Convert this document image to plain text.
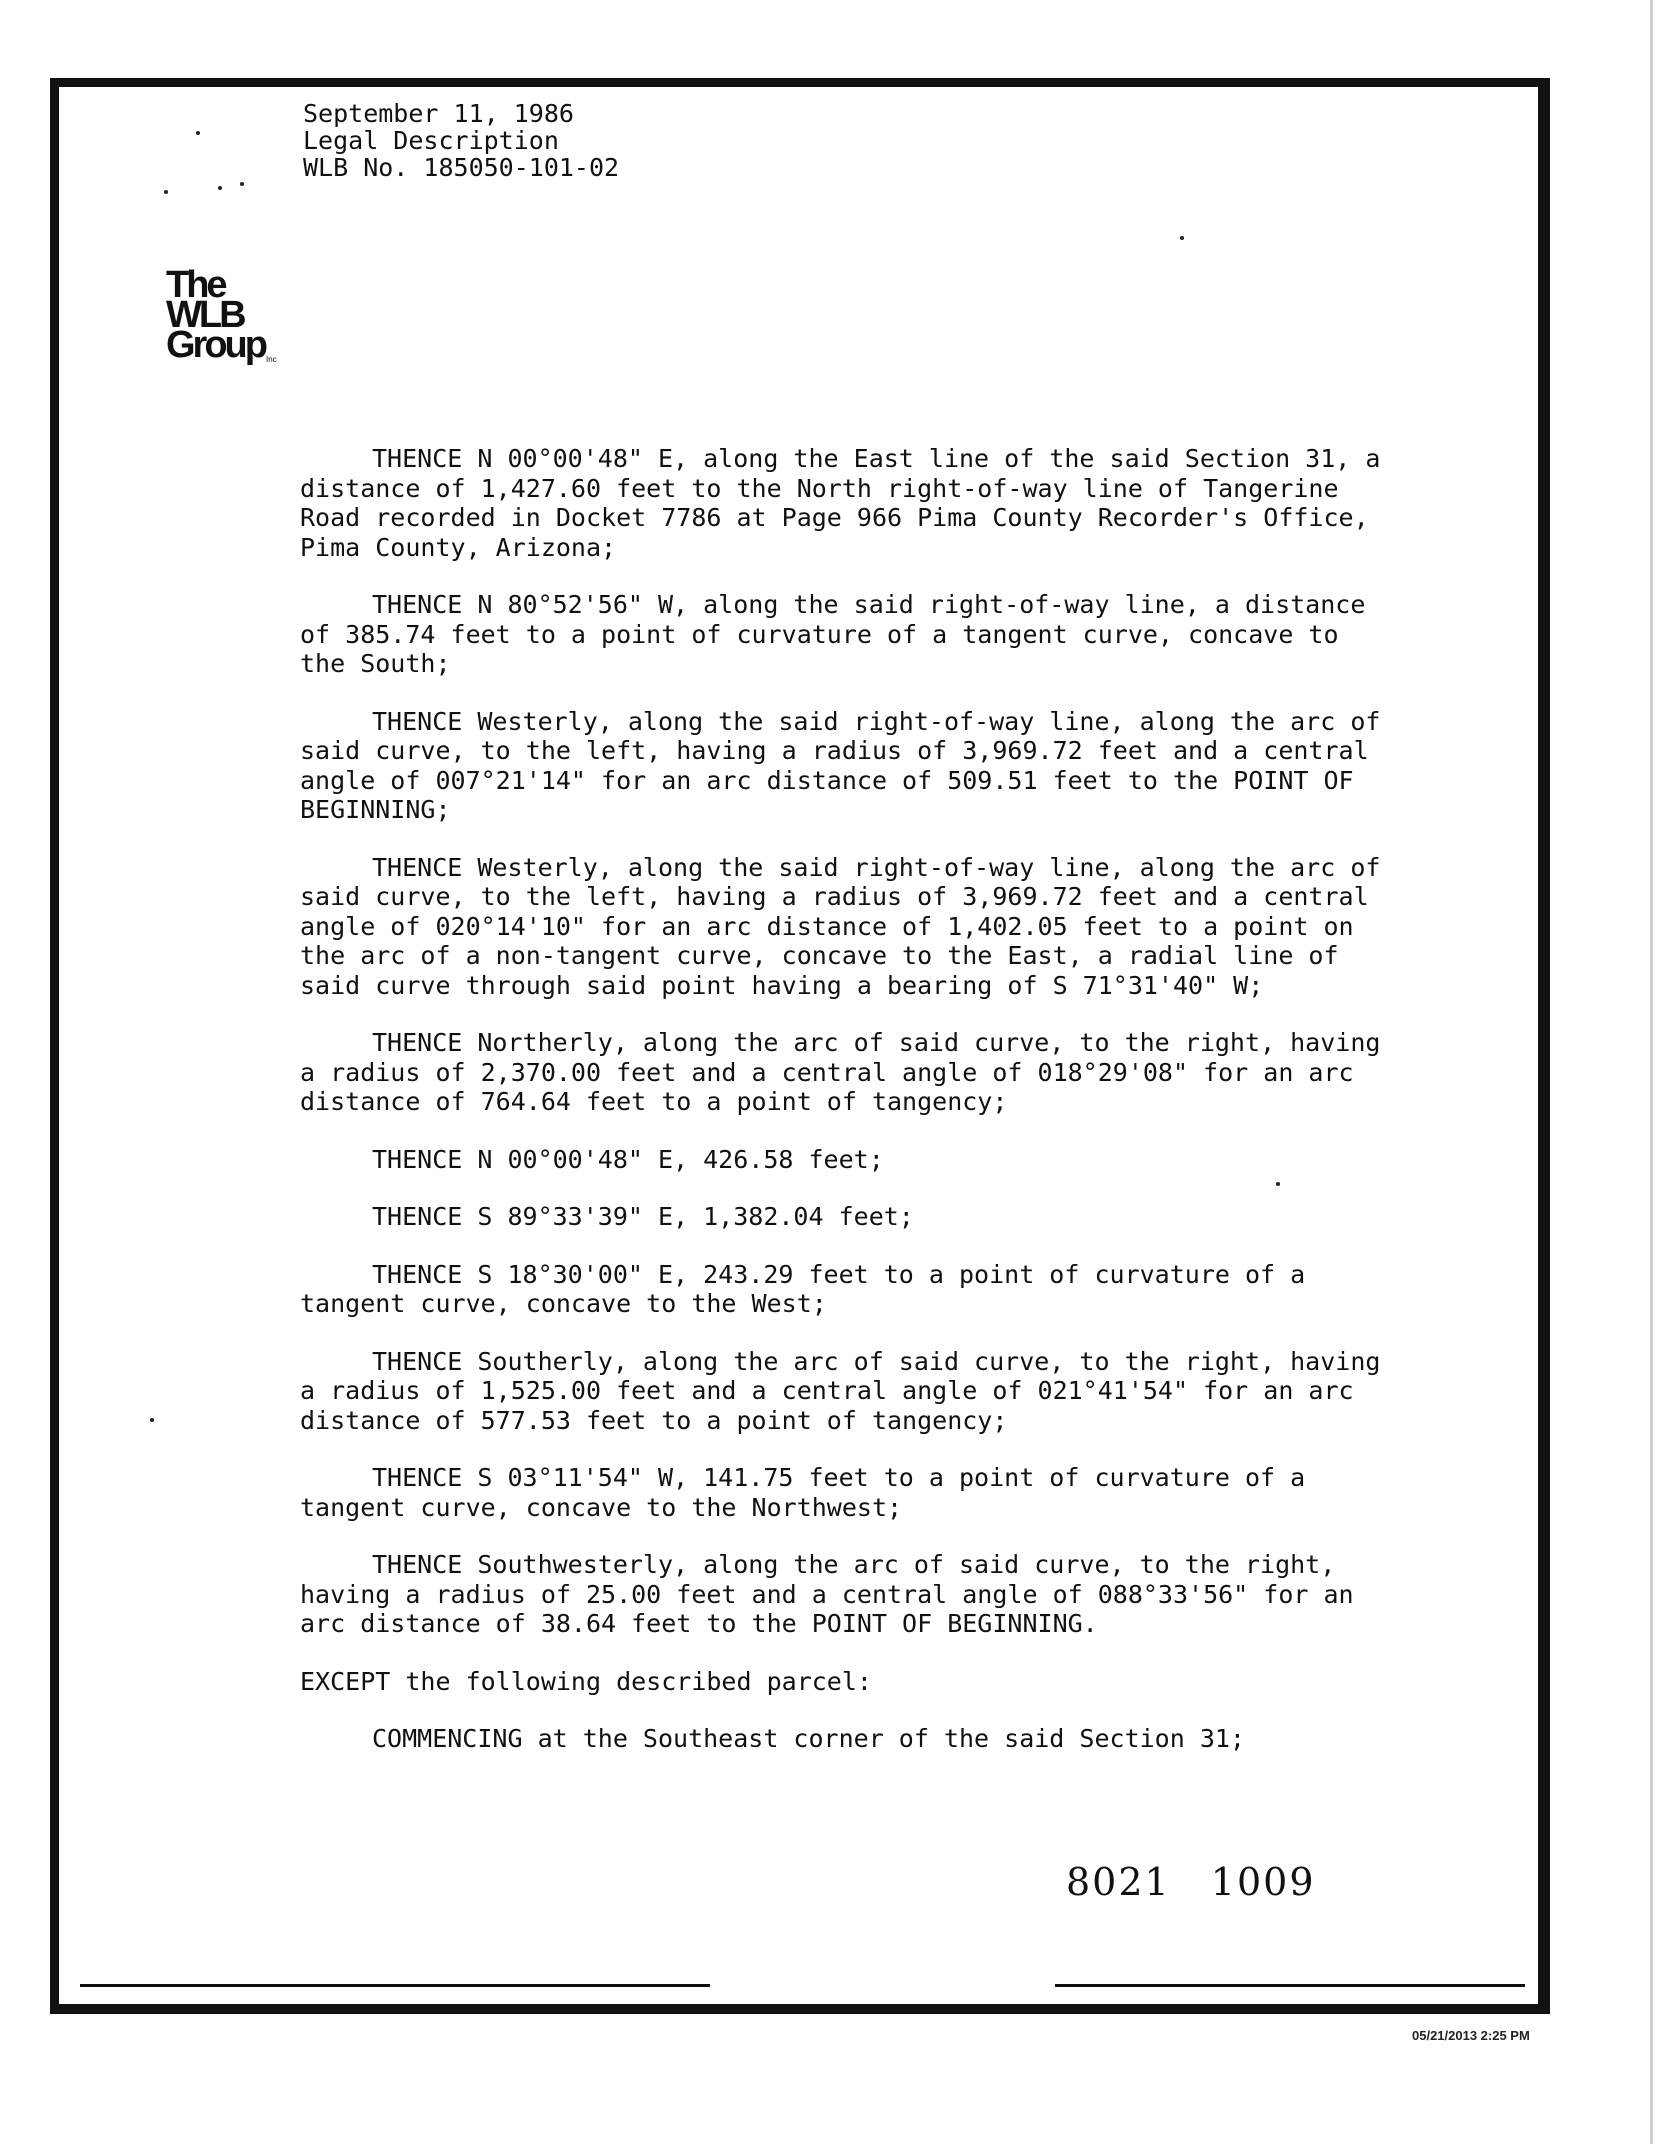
September 11, 1986
Legal Description
WLB No. 185050-101-02
The
WLB
Group Inc
THENCE N 00°00'48" E, along the East line of the said Section 31, a
distance of 1,427.60 feet to the North right-of-way line of Tangerine
Road recorded in Docket 7786 at Page 966 Pima County Recorder's Office,
Pima County, Arizona;
THENCE N 80°52'56" W, along the said right-of-way line, a distance
of 385.74 feet to a point of curvature of a tangent curve, concave to
the South;
THENCE Westerly, along the said right-of-way line, along the arc of
said curve, to the left, having a radius of 3,969.72 feet and a central
angle of 007°21'14" for an arc distance of 509.51 feet to the POINT OF
BEGINNING;
THENCE Westerly, along the said right-of-way line, along the arc of
said curve, to the left, having a radius of 3,969.72 feet and a central
angle of 020°14'10" for an arc distance of 1,402.05 feet to a point on
the arc of a non-tangent curve, concave to the East, a radial line of
said curve through said point having a bearing of S 71°31'40" W;
THENCE Northerly, along the arc of said curve, to the right, having
a radius of 2,370.00 feet and a central angle of 018°29'08" for an arc
distance of 764.64 feet to a point of tangency;
THENCE N 00°00'48" E, 426.58 feet;
THENCE S 89°33'39" E, 1,382.04 feet;
THENCE S 18°30'00" E, 243.29 feet to a point of curvature of a
tangent curve, concave to the West;
THENCE Southerly, along the arc of said curve, to the right, having
a radius of 1,525.00 feet and a central angle of 021°41'54" for an arc
distance of 577.53 feet to a point of tangency;
THENCE S 03°11'54" W, 141.75 feet to a point of curvature of a
tangent curve, concave to the Northwest;
THENCE Southwesterly, along the arc of said curve, to the right,
having a radius of 25.00 feet and a central angle of 088°33'56" for an
arc distance of 38.64 feet to the POINT OF BEGINNING.
EXCEPT the following described parcel:
COMMENCING at the Southeast corner of the said Section 31;
8021 1009
05/21/2013 2:25 PM
